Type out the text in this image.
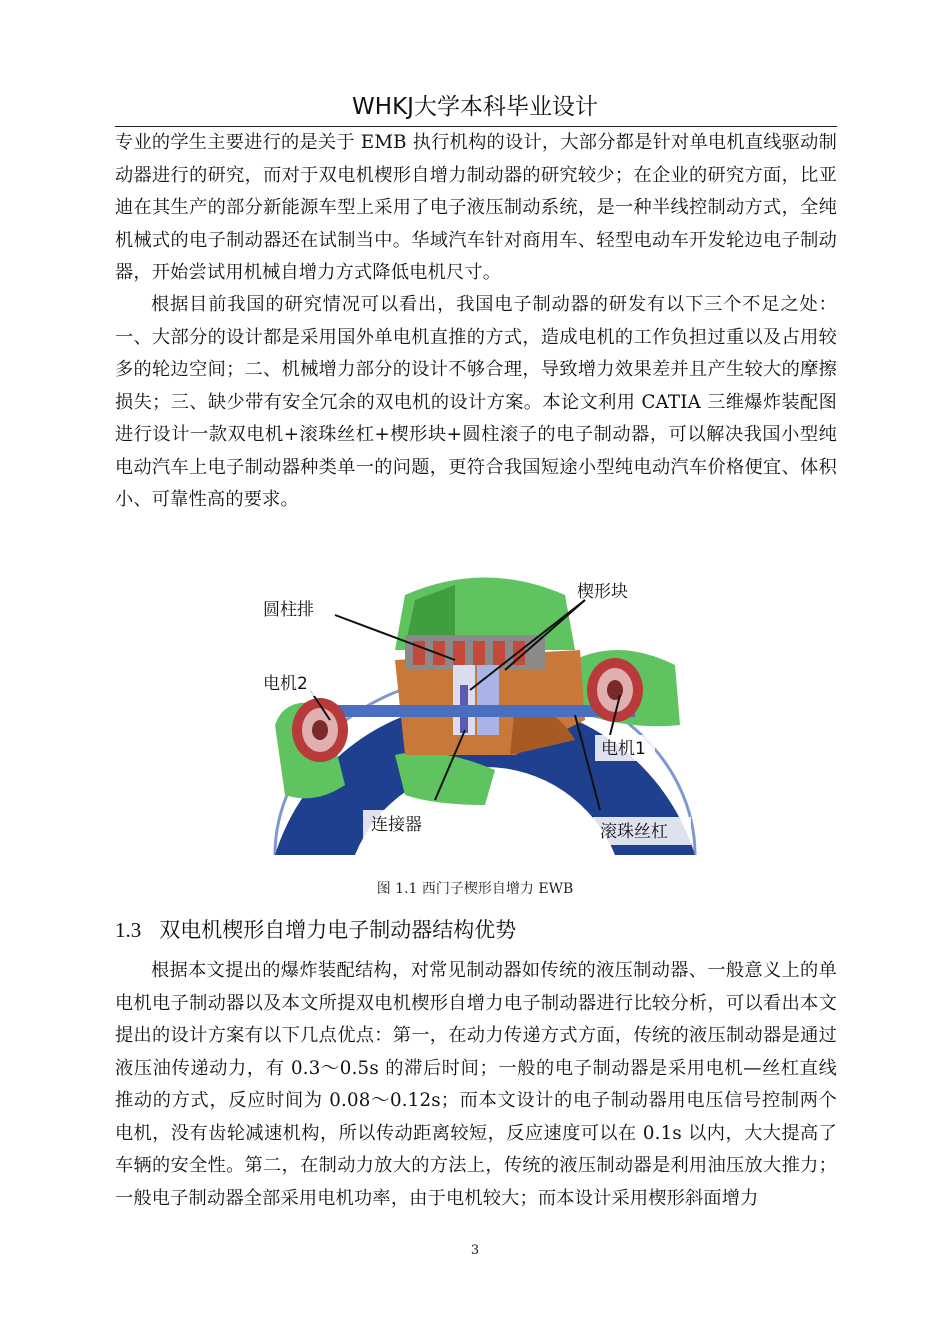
WHKJ大学本科毕业设计

专业的学生主要进行的是关于 EMB 执行机构的设计，大部分都是针对单电机直线驱动制动器进行的研究，而对于双电机楔形自增力制动器的研究较少；在企业的研究方面，比亚迪在其生产的部分新能源车型上采用了电子液压制动系统，是一种半线控制动方式，全纯机械式的电子制动器还在试制当中。华域汽车针对商用车、轻型电动车开发轮边电子制动器，开始尝试用机械自增力方式降低电机尺寸。

根据目前我国的研究情况可以看出，我国电子制动器的研发有以下三个不足之处：一、大部分的设计都是采用国外单电机直推的方式，造成电机的工作负担过重以及占用较多的轮边空间；二、机械增力部分的设计不够合理，导致增力效果差并且产生较大的摩擦损失；三、缺少带有安全冗余的双电机的设计方案。本论文利用 CATIA 三维爆炸装配图进行设计一款双电机+滚珠丝杠+楔形块+圆柱滚子的电子制动器，可以解决我国小型纯电动汽车上电子制动器种类单一的问题，更符合我国短途小型纯电动汽车价格便宜、体积小、可靠性高的要求。

圆柱排
楔形块
电机2
电机1
连接器	滚珠丝杠
图 1.1 西门子楔形自增力 EWB
1.3 双电机楔形自增力电子制动器结构优势

根据本文提出的爆炸装配结构，对常见制动器如传统的液压制动器、一般意义上的单电机电子制动器以及本文所提双电机楔形自增力电子制动器进行比较分析，可以看出本文提出的设计方案有以下几点优点：第一，在动力传递方式方面，传统的液压制动器是通过液压油传递动力，有 0.3～0.5s 的滞后时间；一般的电子制动器是采用电机—丝杠直线推动的方式，反应时间为 0.08～0.12s；而本文设计的电子制动器用电压信号控制两个电机，没有齿轮减速机构，所以传动距离较短，反应速度可以在 0.1s 以内，大大提高了车辆的安全性。第二，在制动力放大的方法上，传统的液压制动器是利用油压放大推力；一般电子制动器全部采用电机功率，由于电机较大；而本设计采用楔形斜面增力

3
